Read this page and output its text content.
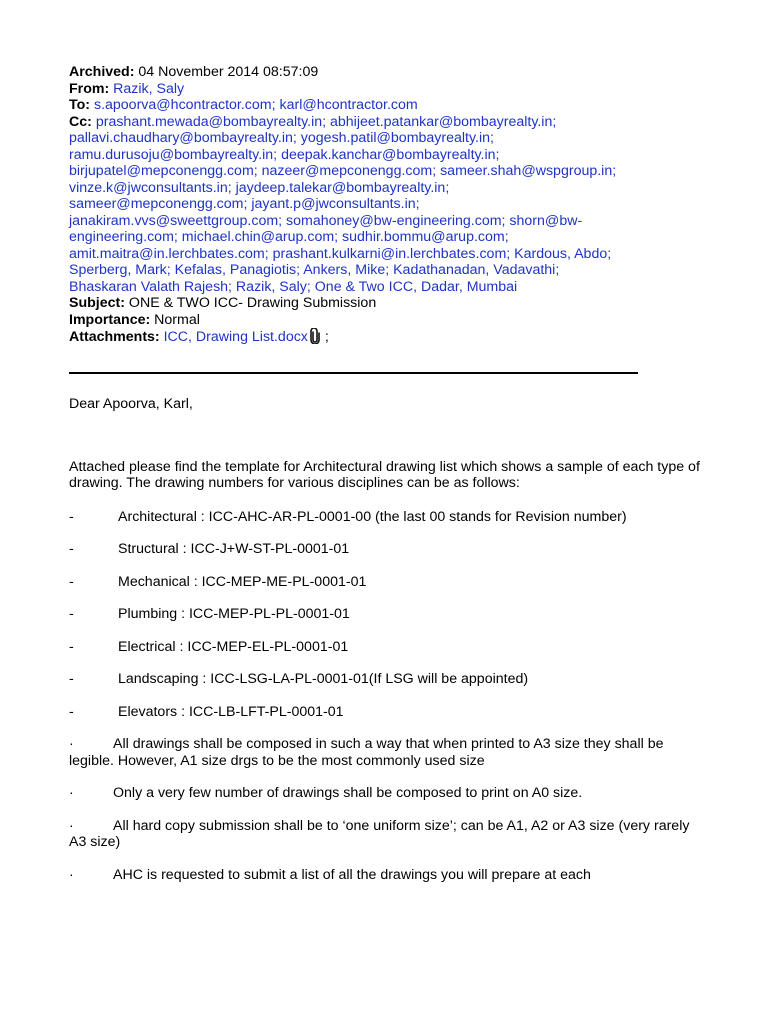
Archived: 04 November 2014 08:57:09
From: Razik, Saly
To: s.apoorva@hcontractor.com; karl@hcontractor.com
Cc: prashant.mewada@bombayrealty.in; abhijeet.patankar@bombayrealty.in;
pallavi.chaudhary@bombayrealty.in; yogesh.patil@bombayrealty.in;
ramu.durusoju@bombayrealty.in; deepak.kanchar@bombayrealty.in;
birjupatel@mepconengg.com; nazeer@mepconengg.com; sameer.shah@wspgroup.in;
vinze.k@jwconsultants.in; jaydeep.talekar@bombayrealty.in;
sameer@mepconengg.com; jayant.p@jwconsultants.in;
janakiram.vvs@sweettgroup.com; somahoney@bw-engineering.com; shorn@bw-
engineering.com; michael.chin@arup.com; sudhir.bommu@arup.com;
amit.maitra@in.lerchbates.com; prashant.kulkarni@in.lerchbates.com; Kardous, Abdo;
Sperberg, Mark; Kefalas, Panagiotis; Ankers, Mike; Kadathanadan, Vadavathi;
Bhaskaran Valath Rajesh; Razik, Saly; One & Two ICC, Dadar, Mumbai
Subject: ONE & TWO ICC- Drawing Submission
Importance: Normal
Attachments: ICC, Drawing List.docx ;

Dear Apoorva, Karl,

Attached please find the template for Architectural drawing list which shows a sample of each type of drawing. The drawing numbers for various disciplines can be as follows:

-	Architectural : ICC-AHC-AR-PL-0001-00 (the last 00 stands for Revision number)
-	Structural : ICC-J+W-ST-PL-0001-01
-	Mechanical : ICC-MEP-ME-PL-0001-01
-	Plumbing : ICC-MEP-PL-PL-0001-01
-	Electrical : ICC-MEP-EL-PL-0001-01
-	Landscaping : ICC-LSG-LA-PL-0001-01(If LSG will be appointed)
-	Elevators : ICC-LB-LFT-PL-0001-01
·	All drawings shall be composed in such a way that when printed to A3 size they shall be legible. However, A1 size drgs to be the most commonly used size
·	Only a very few number of drawings shall be composed to print on A0 size.
·	All hard copy submission shall be to ‘one uniform size’; can be A1, A2 or A3 size (very rarely A3 size)
·	AHC is requested to submit a list of all the drawings you will prepare at each
